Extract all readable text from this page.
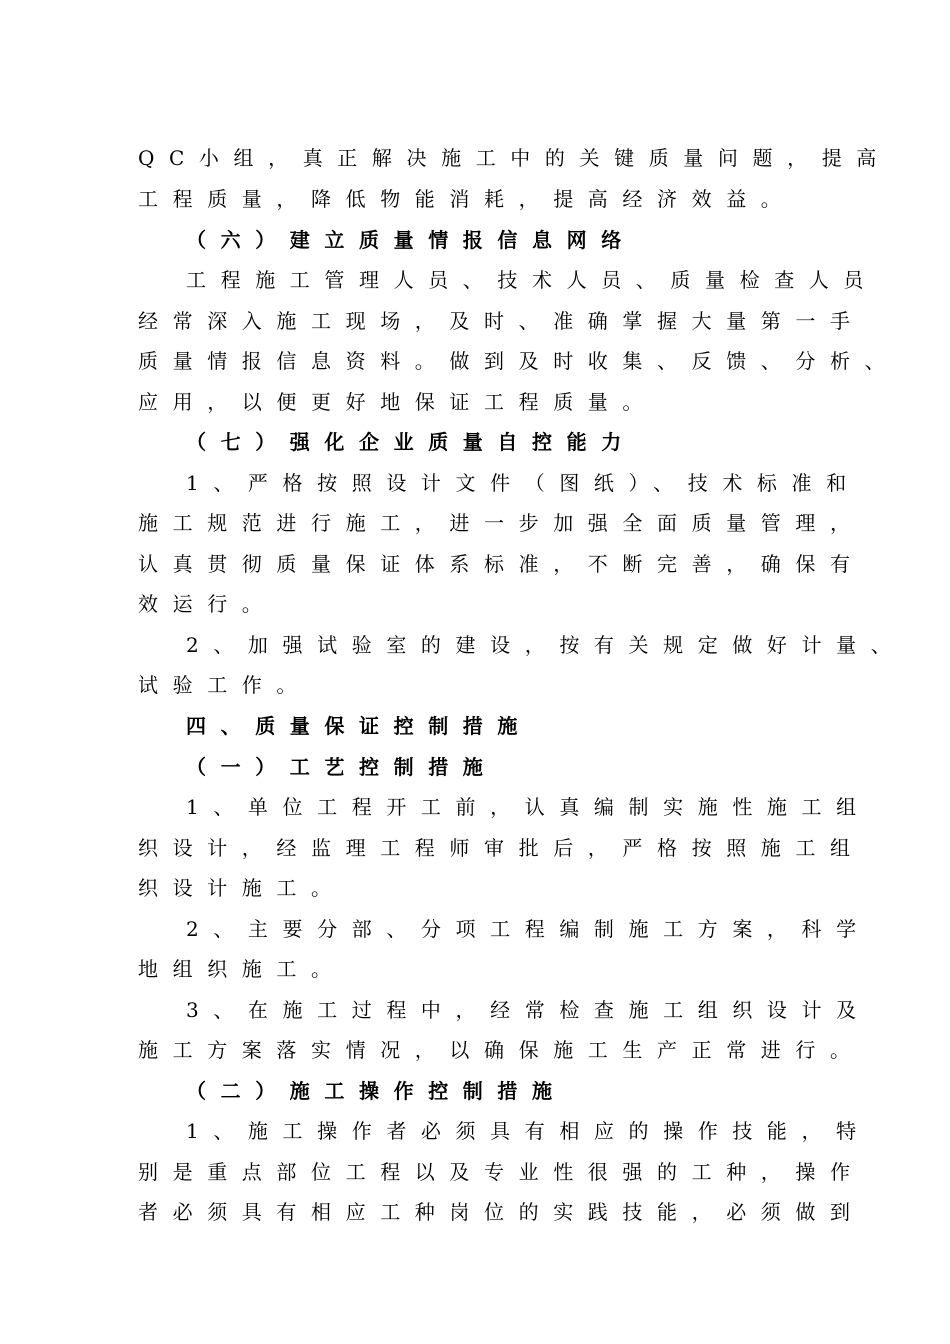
QC小组，真正解决施工中的关键质量问题，提高
工程质量，降低物能消耗，提高经济效益。
（六）建立质量情报信息网络
工程施工管理人员、技术人员、质量检查人员
经常深入施工现场，及时、准确掌握大量第一手
质量情报信息资料。做到及时收集、反馈、分析、
应用，以便更好地保证工程质量。
（七）强化企业质量自控能力
1、严格按照设计文件（图纸）、技术标准和
施工规范进行施工，进一步加强全面质量管理，
认真贯彻质量保证体系标准，不断完善，确保有
效运行。
2、加强试验室的建设，按有关规定做好计量、
试验工作。
四、质量保证控制措施
（一）工艺控制措施
1、单位工程开工前，认真编制实施性施工组
织设计，经监理工程师审批后，严格按照施工组
织设计施工。
2、主要分部、分项工程编制施工方案，科学
地组织施工。
3、在施工过程中，经常检查施工组织设计及
施工方案落实情况，以确保施工生产正常进行。
（二）施工操作控制措施
1、施工操作者必须具有相应的操作技能，特
别是重点部位工程以及专业性很强的工种，操作
者必须具有相应工种岗位的实践技能，必须做到
